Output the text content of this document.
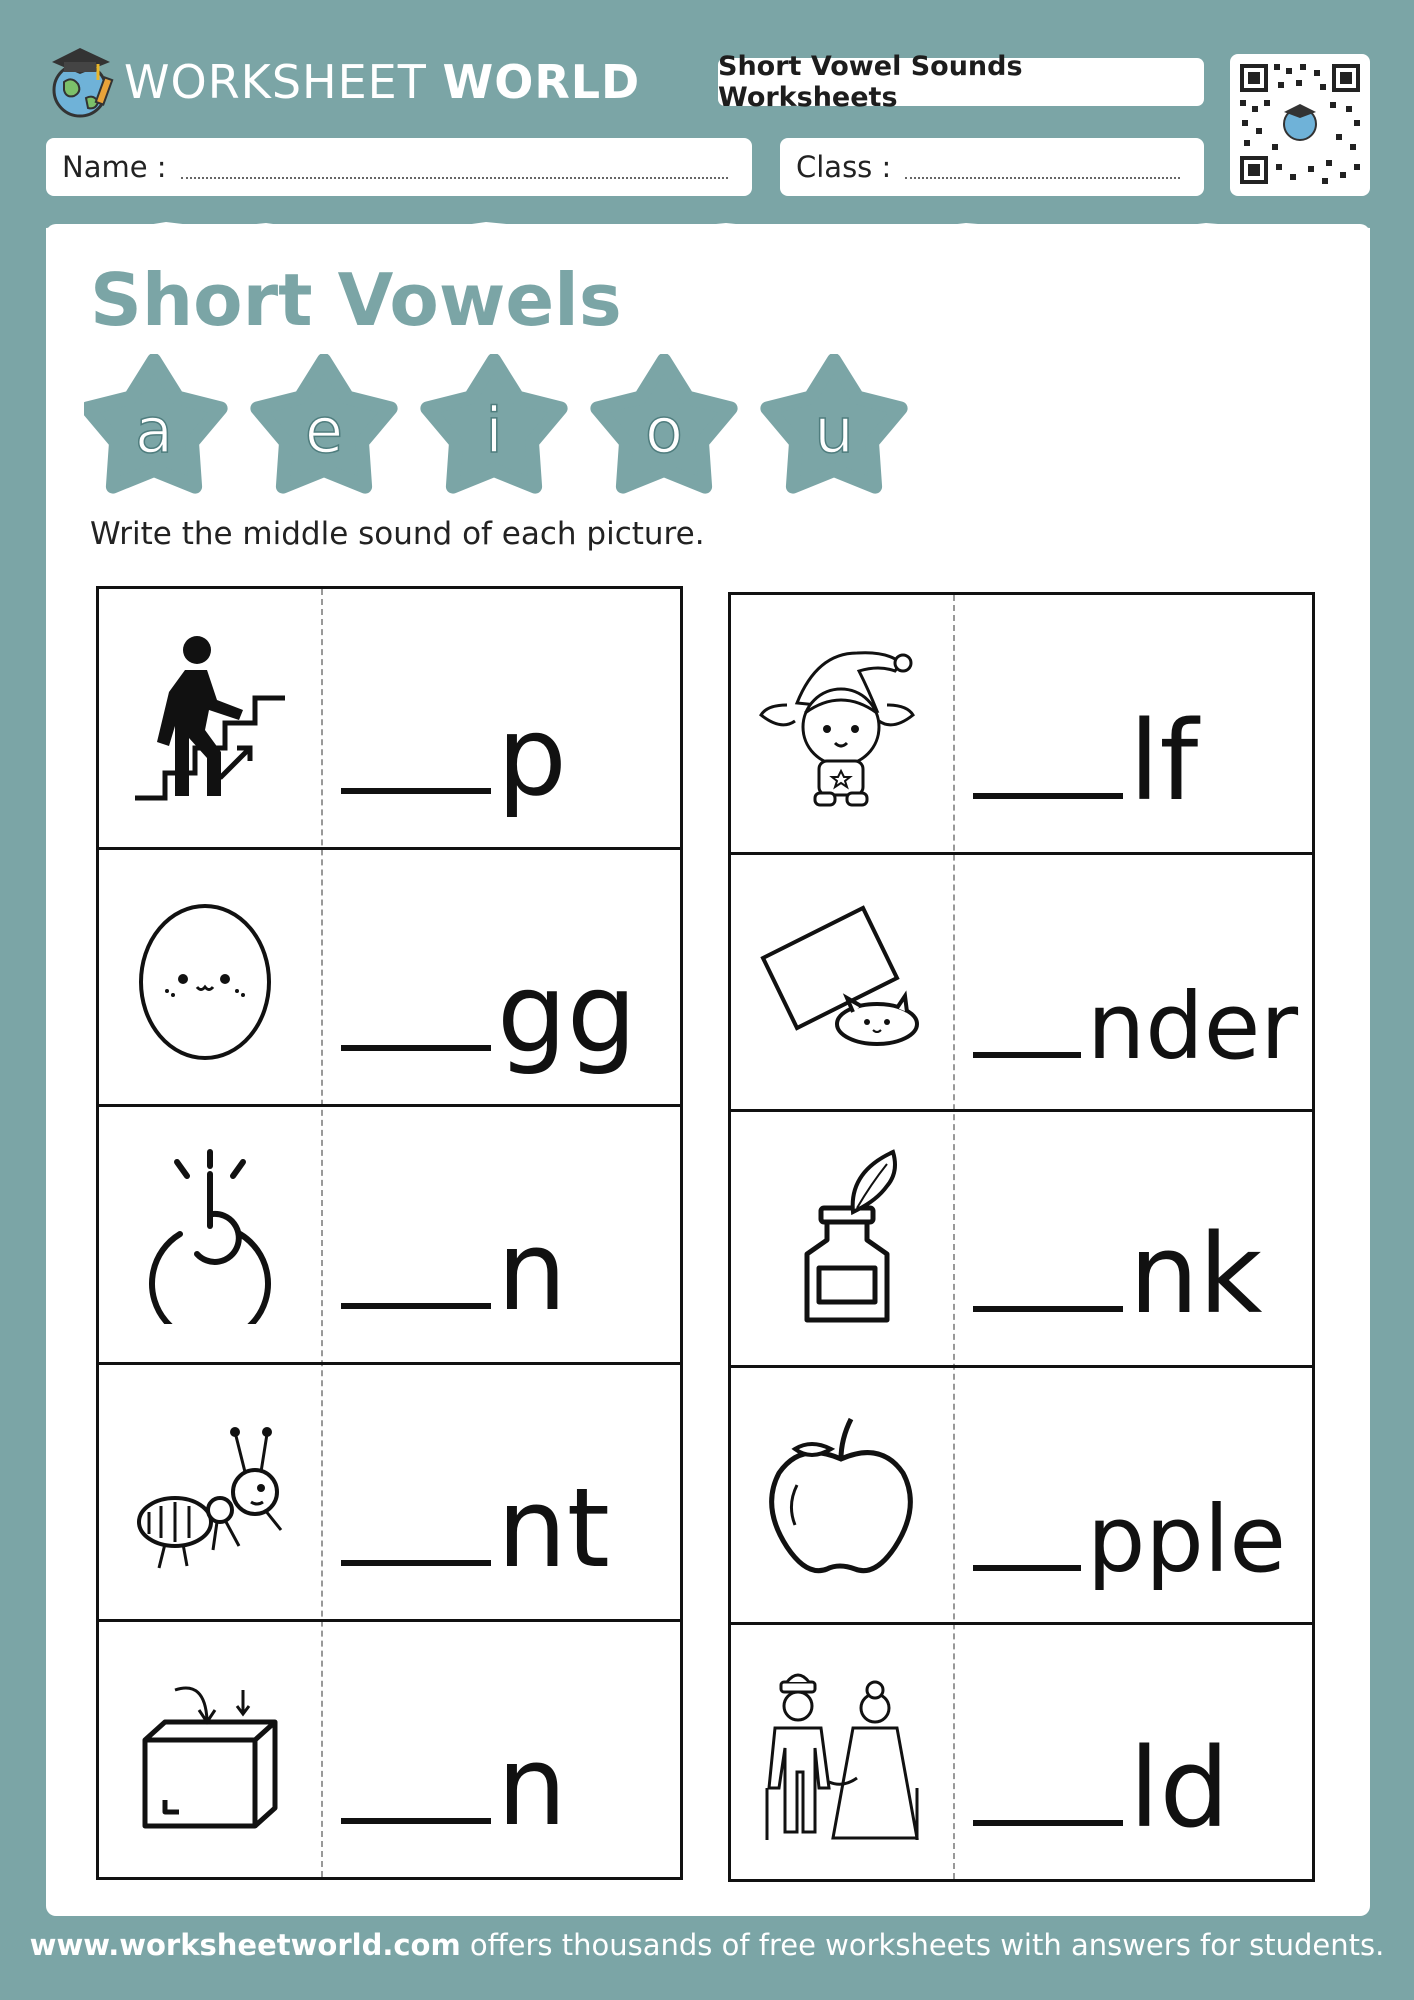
WORKSHEET WORLD	Short Vowel Sounds Worksheets
Name :	Class :
Short Vowels
a e i o u
Write the middle sound of each picture.
p
gg
n
nt
n
lf
nder
nk
pple
ld
www.worksheetworld.com offers thousands of free worksheets with answers for students.
